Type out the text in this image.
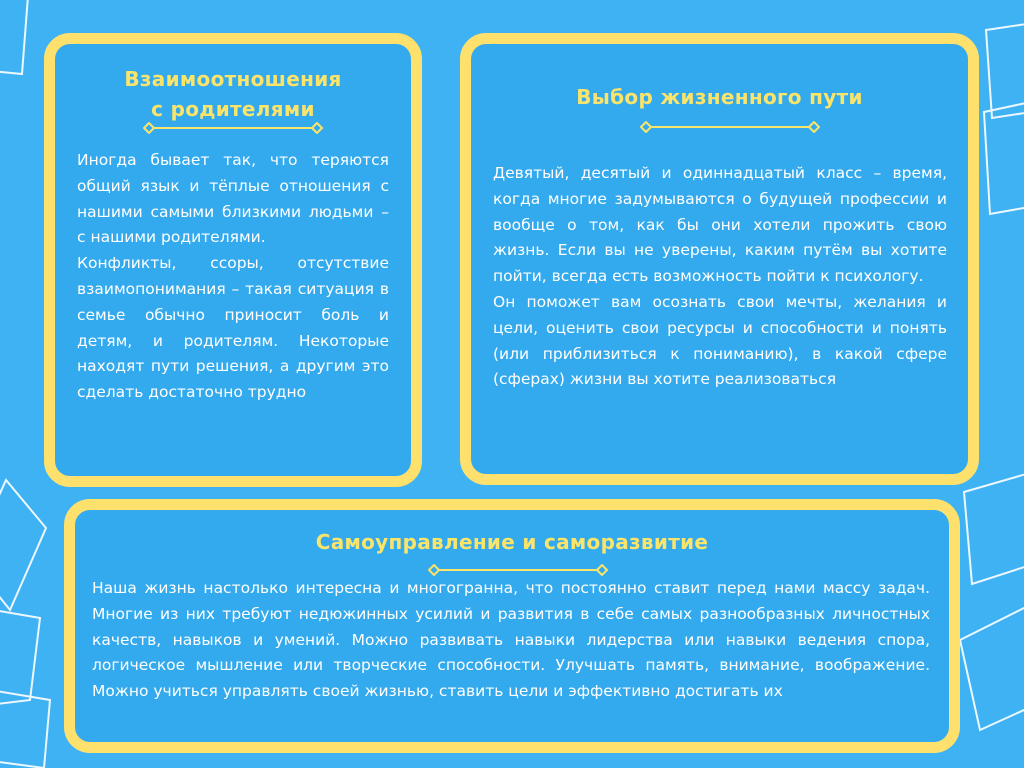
Взаимоотношения
с родителями

Иногда бывает так, что теряются общий язык и тёплые отношения с нашими самыми близкими людьми – с нашими родителями.

Конфликты, ссоры, отсутствие взаимопонимания – такая ситуация в семье обычно приносит боль и детям, и родителям. Некоторые находят пути решения, а другим это сделать достаточно трудно

Выбор жизненного пути

Девятый, десятый и одиннадцатый класс – время, когда многие задумываются о будущей профессии и вообще о том, как бы они хотели прожить свою жизнь. Если вы не уверены, каким путём вы хотите пойти, всегда есть возможность пойти к психологу.

Он поможет вам осознать свои мечты, желания и цели, оценить свои ресурсы и способности и понять (или приблизиться к пониманию), в какой сфере (сферах) жизни вы хотите реализоваться

Самоуправление и саморазвитие

Наша жизнь настолько интересна и многогранна, что постоянно ставит перед нами массу задач. Многие из них требуют недюжинных усилий и развития в себе самых разнообразных личностных качеств, навыков и умений. Можно развивать навыки лидерства или навыки ведения спора, логическое мышление или творческие способности. Улучшать память, внимание, воображение. Можно учиться управлять своей жизнью, ставить цели и эффективно достигать их
